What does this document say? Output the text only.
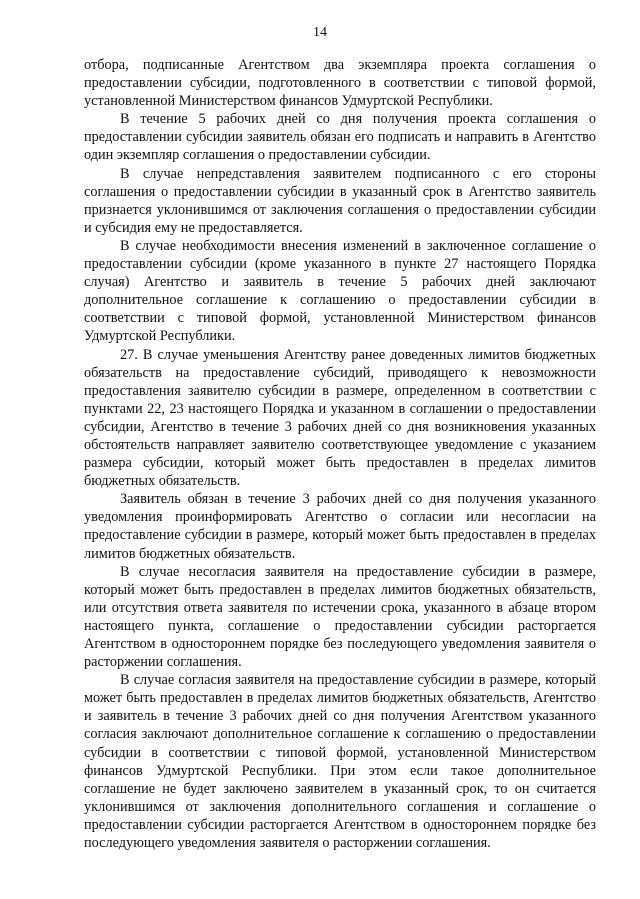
14

отбора, подписанные Агентством два экземпляра проекта соглашения о предоставлении субсидии, подготовленного в соответствии с типовой формой, установленной Министерством финансов Удмуртской Республики.

В течение 5 рабочих дней со дня получения проекта соглашения о предоставлении субсидии заявитель обязан его подписать и направить в Агентство один экземпляр соглашения о предоставлении субсидии.

В случае непредставления заявителем подписанного с его стороны соглашения о предоставлении субсидии в указанный срок в Агентство заявитель признается уклонившимся от заключения соглашения о предоставлении субсидии и субсидия ему не предоставляется.

В случае необходимости внесения изменений в заключенное соглашение о предоставлении субсидии (кроме указанного в пункте 27 настоящего Порядка случая) Агентство и заявитель в течение 5 рабочих дней заключают дополнительное соглашение к соглашению о предоставлении субсидии в соответствии с типовой формой, установленной Министерством финансов Удмуртской Республики.

27. В случае уменьшения Агентству ранее доведенных лимитов бюджетных обязательств на предоставление субсидий, приводящего к невозможности предоставления заявителю субсидии в размере, определенном в соответствии с пунктами 22, 23 настоящего Порядка и указанном в соглашении о предоставлении субсидии, Агентство в течение 3 рабочих дней со дня возникновения указанных обстоятельств направляет заявителю соответствующее уведомление с указанием размера субсидии, который может быть предоставлен в пределах лимитов бюджетных обязательств.

Заявитель обязан в течение 3 рабочих дней со дня получения указанного уведомления проинформировать Агентство о согласии или несогласии на предоставление субсидии в размере, который может быть предоставлен в пределах лимитов бюджетных обязательств.

В случае несогласия заявителя на предоставление субсидии в размере, который может быть предоставлен в пределах лимитов бюджетных обязательств, или отсутствия ответа заявителя по истечении срока, указанного в абзаце втором настоящего пункта, соглашение о предоставлении субсидии расторгается Агентством в одностороннем порядке без последующего уведомления заявителя о расторжении соглашения.

В случае согласия заявителя на предоставление субсидии в размере, который может быть предоставлен в пределах лимитов бюджетных обязательств, Агентство и заявитель в течение 3 рабочих дней со дня получения Агентством указанного согласия заключают дополнительное соглашение к соглашению о предоставлении субсидии в соответствии с типовой формой, установленной Министерством финансов Удмуртской Республики. При этом если такое дополнительное соглашение не будет заключено заявителем в указанный срок, то он считается уклонившимся от заключения дополнительного соглашения и соглашение о предоставлении субсидии расторгается Агентством в одностороннем порядке без последующего уведомления заявителя о расторжении соглашения.
